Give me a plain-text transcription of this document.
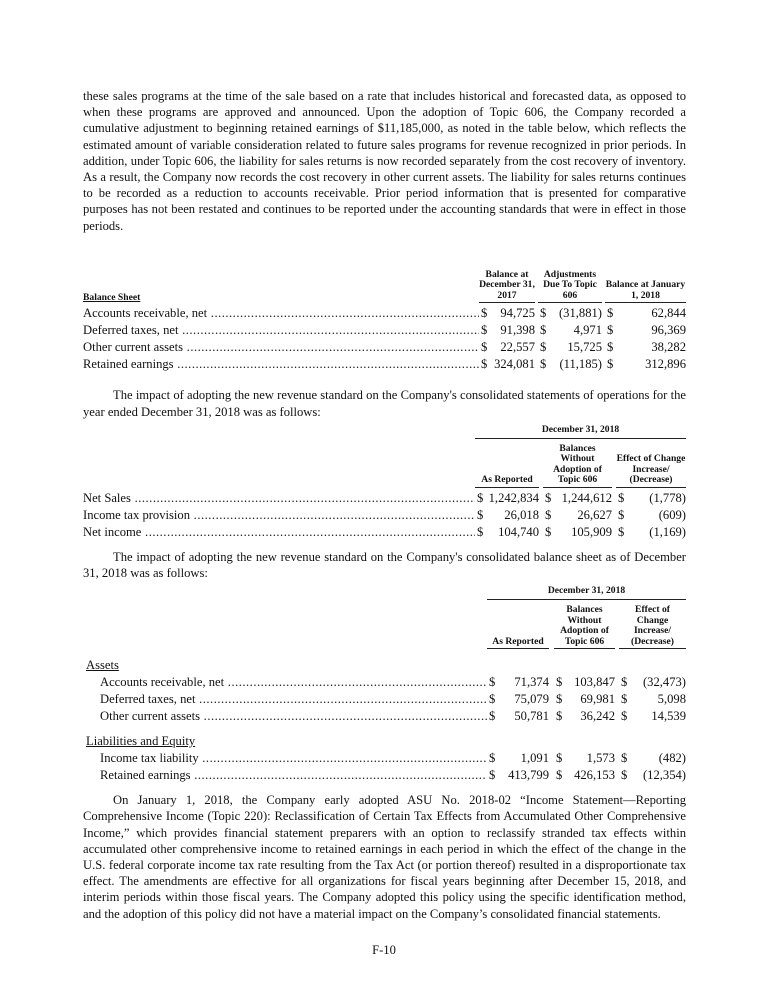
these sales programs at the time of the sale based on a rate that includes historical and forecasted data, as opposed to when these programs are approved and announced. Upon the adoption of Topic 606, the Company recorded a cumulative adjustment to beginning retained earnings of $11,185,000, as noted in the table below, which reflects the estimated amount of variable consideration related to future sales programs for revenue recognized in prior periods. In addition, under Topic 606, the liability for sales returns is now recorded separately from the cost recovery of inventory. As a result, the Company now records the cost recovery in other current assets. The liability for sales returns continues to be recorded as a reduction to accounts receivable. Prior period information that is presented for comparative purposes has not been restated and continues to be reported under the accounting standards that were in effect in those periods.

Balance Sheet
Balance at December 31, 2017
Adjustments Due To Topic 606
Balance at January 1, 2018
Accounts receivable, net .....	$ 94,725 $ (31,881) $	62,844
Deferred taxes, net .....	$ 91,398 $ 4,971 $	96,369
Other current assets .....	$ 22,557 $ 15,725 $	38,282
Retained earnings .....	$ 324,081 $ (11,185) $	312,896

The impact of adopting the new revenue standard on the Company's consolidated statements of operations for the year ended December 31, 2018 was as follows:

December 31, 2018
As Reported
Balances Without Adoption of Topic 606
Effect of Change Increase/ (Decrease)
Net Sales .....	$ 1,242,834 $ 1,244,612 $ (1,778)
Income tax provision .....	$ 26,018 $ 26,627 $	(609)
Net income .....	$ 104,740 $ 105,909 $ (1,169)

The impact of adopting the new revenue standard on the Company's consolidated balance sheet as of December 31, 2018 was as follows:

December 31, 2018
As Reported
Balances Without Adoption of Topic 606
Effect of Change Increase/ (Decrease)
Assets
Accounts receivable, net .....	$ 71,374 $ 103,847 $ (32,473)
Deferred taxes, net .....	$ 75,079 $ 69,981 $ 5,098
Other current assets .....	$ 50,781 $ 36,242 $ 14,539
Liabilities and Equity
Income tax liability .....	$ 1,091 $ 1,573 $ (482)
Retained earnings .....	$ 413,799 $ 426,153 $ (12,354)

On January 1, 2018, the Company early adopted ASU No. 2018-02 “Income Statement—Reporting Comprehensive Income (Topic 220): Reclassification of Certain Tax Effects from Accumulated Other Comprehensive Income,” which provides financial statement preparers with an option to reclassify stranded tax effects within accumulated other comprehensive income to retained earnings in each period in which the effect of the change in the U.S. federal corporate income tax rate resulting from the Tax Act (or portion thereof) resulted in a disproportionate tax effect. The amendments are effective for all organizations for fiscal years beginning after December 15, 2018, and interim periods within those fiscal years. The Company adopted this policy using the specific identification method, and the adoption of this policy did not have a material impact on the Company’s consolidated financial statements.

F-10
